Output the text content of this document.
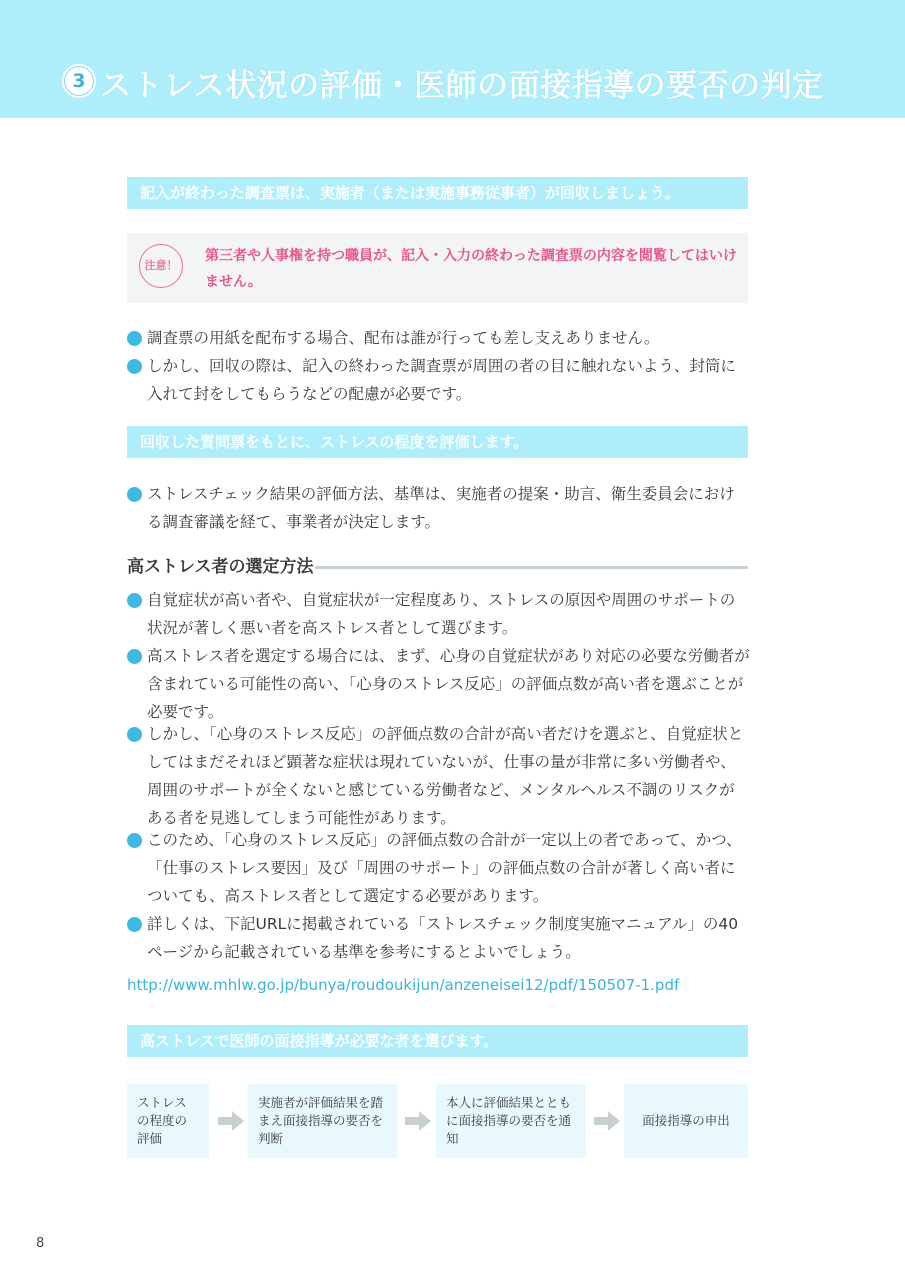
3 ストレス状況の評価・医師の面接指導の要否の判定
記入が終わった調査票は、実施者（または実施事務従事者）が回収しましょう。
注意！
第三者や人事権を持つ職員が、記入・入力の終わった調査票の内容を閲覧してはいけません。
調査票の用紙を配布する場合、配布は誰が行っても差し支えありません。
しかし、回収の際は、記入の終わった調査票が周囲の者の目に触れないよう、封筒に入れて封をしてもらうなどの配慮が必要です。
回収した質問票をもとに、ストレスの程度を評価します。
ストレスチェック結果の評価方法、基準は、実施者の提案・助言、衛生委員会における調査審議を経て、事業者が決定します。
高ストレス者の選定方法
自覚症状が高い者や、自覚症状が一定程度あり、ストレスの原因や周囲のサポートの状況が著しく悪い者を高ストレス者として選びます。
高ストレス者を選定する場合には、まず、心身の自覚症状があり対応の必要な労働者が含まれている可能性の高い、「心身のストレス反応」の評価点数が高い者を選ぶことが必要です。
しかし、「心身のストレス反応」の評価点数の合計が高い者だけを選ぶと、自覚症状としてはまだそれほど顕著な症状は現れていないが、仕事の量が非常に多い労働者や、周囲のサポートが全くないと感じている労働者など、メンタルヘルス不調のリスクがある者を見逃してしまう可能性があります。
このため、「心身のストレス反応」の評価点数の合計が一定以上の者であって、かつ、「仕事のストレス要因」及び「周囲のサポート」の評価点数の合計が著しく高い者についても、高ストレス者として選定する必要があります。
詳しくは、下記URLに掲載されている「ストレスチェック制度実施マニュアル」の40ページから記載されている基準を参考にするとよいでしょう。
http://www.mhlw.go.jp/bunya/roudoukijun/anzeneisei12/pdf/150507-1.pdf
高ストレスで医師の面接指導が必要な者を選びます。
ストレスの程度の評価
実施者が評価結果を踏まえ面接指導の要否を判断
本人に評価結果とともに面接指導の要否を通知
面接指導の申出
8
